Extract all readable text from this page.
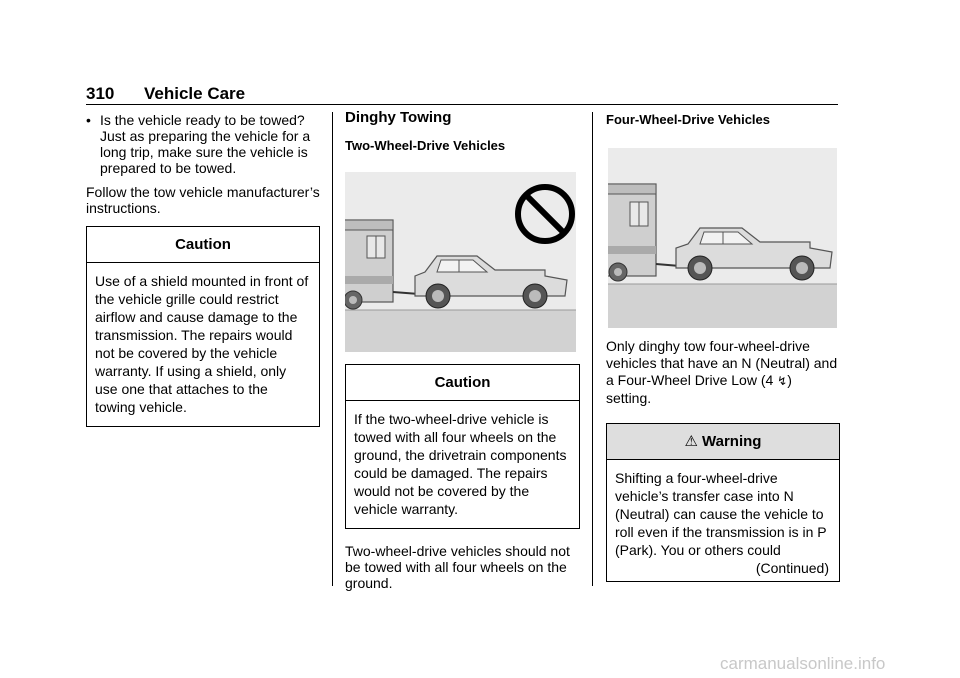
310 Vehicle Care
• Is the vehicle ready to be towed? Just as preparing the vehicle for a long trip, make sure the vehicle is prepared to be towed.

Follow the tow vehicle manufacturer’s instructions.

Caution
Use of a shield mounted in front of the vehicle grille could restrict airflow and cause damage to the transmission. The repairs would not be covered by the vehicle warranty. If using a shield, only use one that attaches to the towing vehicle.
Dinghy Towing
Two-Wheel-Drive Vehicles
Caution
If the two-wheel-drive vehicle is towed with all four wheels on the ground, the drivetrain components could be damaged. The repairs would not be covered by the vehicle warranty.

Two-wheel-drive vehicles should not be towed with all four wheels on the ground.

Four-Wheel-Drive Vehicles

Only dinghy tow four-wheel-drive vehicles that have an N (Neutral) and a Four-Wheel Drive Low (4 ↯) setting.

⚠ Warning

Shifting a four-wheel-drive vehicle’s transfer case into N (Neutral) can cause the vehicle to roll even if the transmission is in P (Park). You or others could

(Continued)

carmanualsonline.info
